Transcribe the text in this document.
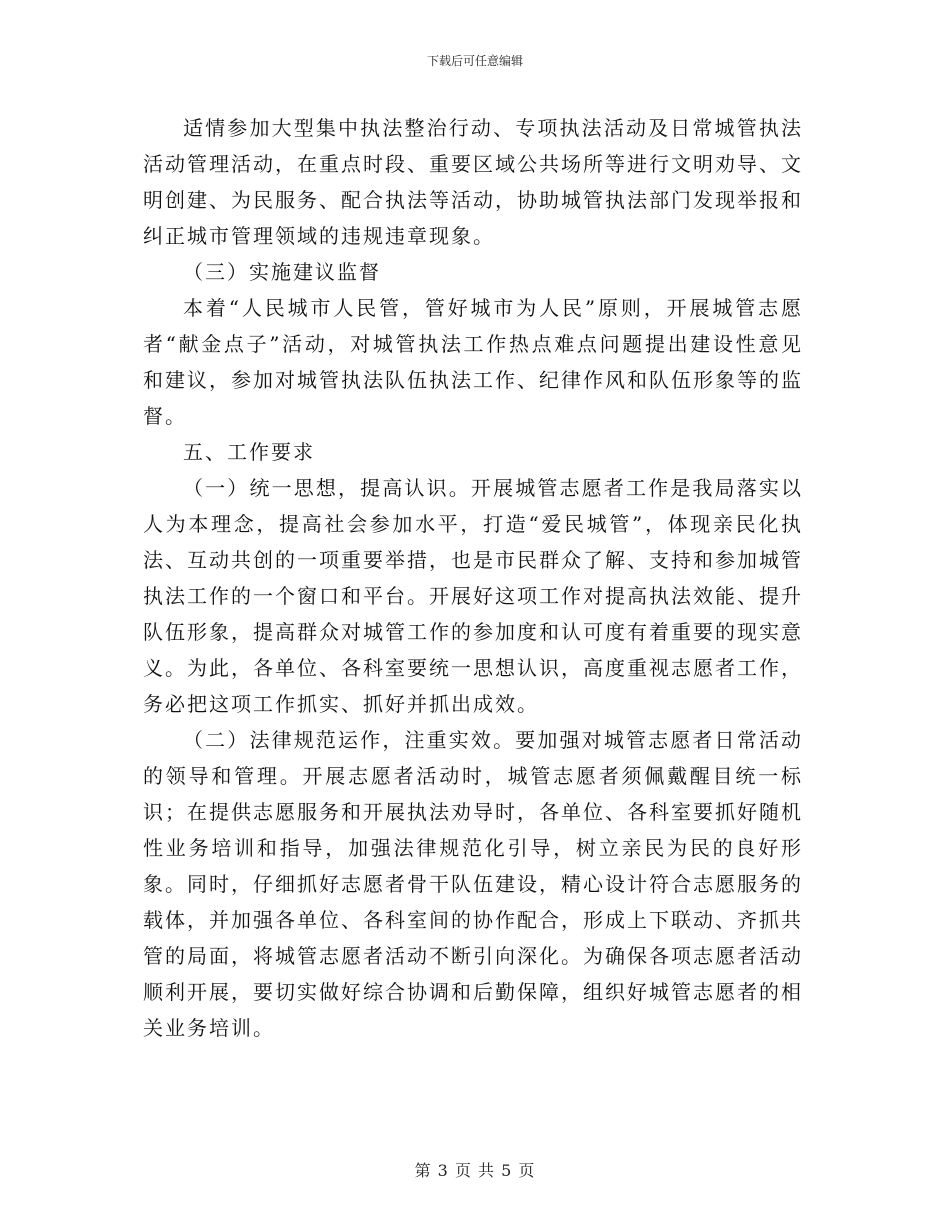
下载后可任意编辑

适情参加大型集中执法整治行动、专项执法活动及日常城管执法活动管理活动，在重点时段、重要区域公共场所等进行文明劝导、文明创建、为民服务、配合执法等活动，协助城管执法部门发现举报和纠正城市管理领域的违规违章现象。

（三）实施建议监督

本着“人民城市人民管，管好城市为人民”原则，开展城管志愿者“献金点子”活动，对城管执法工作热点难点问题提出建设性意见和建议，参加对城管执法队伍执法工作、纪律作风和队伍形象等的监督。

五、工作要求

（一）统一思想，提高认识。开展城管志愿者工作是我局落实以人为本理念，提高社会参加水平，打造“爱民城管”，体现亲民化执法、互动共创的一项重要举措，也是市民群众了解、支持和参加城管执法工作的一个窗口和平台。开展好这项工作对提高执法效能、提升队伍形象，提高群众对城管工作的参加度和认可度有着重要的现实意义。为此，各单位、各科室要统一思想认识，高度重视志愿者工作，务必把这项工作抓实、抓好并抓出成效。

（二）法律规范运作，注重实效。要加强对城管志愿者日常活动的领导和管理。开展志愿者活动时，城管志愿者须佩戴醒目统一标识；在提供志愿服务和开展执法劝导时，各单位、各科室要抓好随机性业务培训和指导，加强法律规范化引导，树立亲民为民的良好形象。同时，仔细抓好志愿者骨干队伍建设，精心设计符合志愿服务的载体，并加强各单位、各科室间的协作配合，形成上下联动、齐抓共管的局面，将城管志愿者活动不断引向深化。为确保各项志愿者活动顺利开展，要切实做好综合协调和后勤保障，组织好城管志愿者的相关业务培训。

第 3 页 共 5 页
